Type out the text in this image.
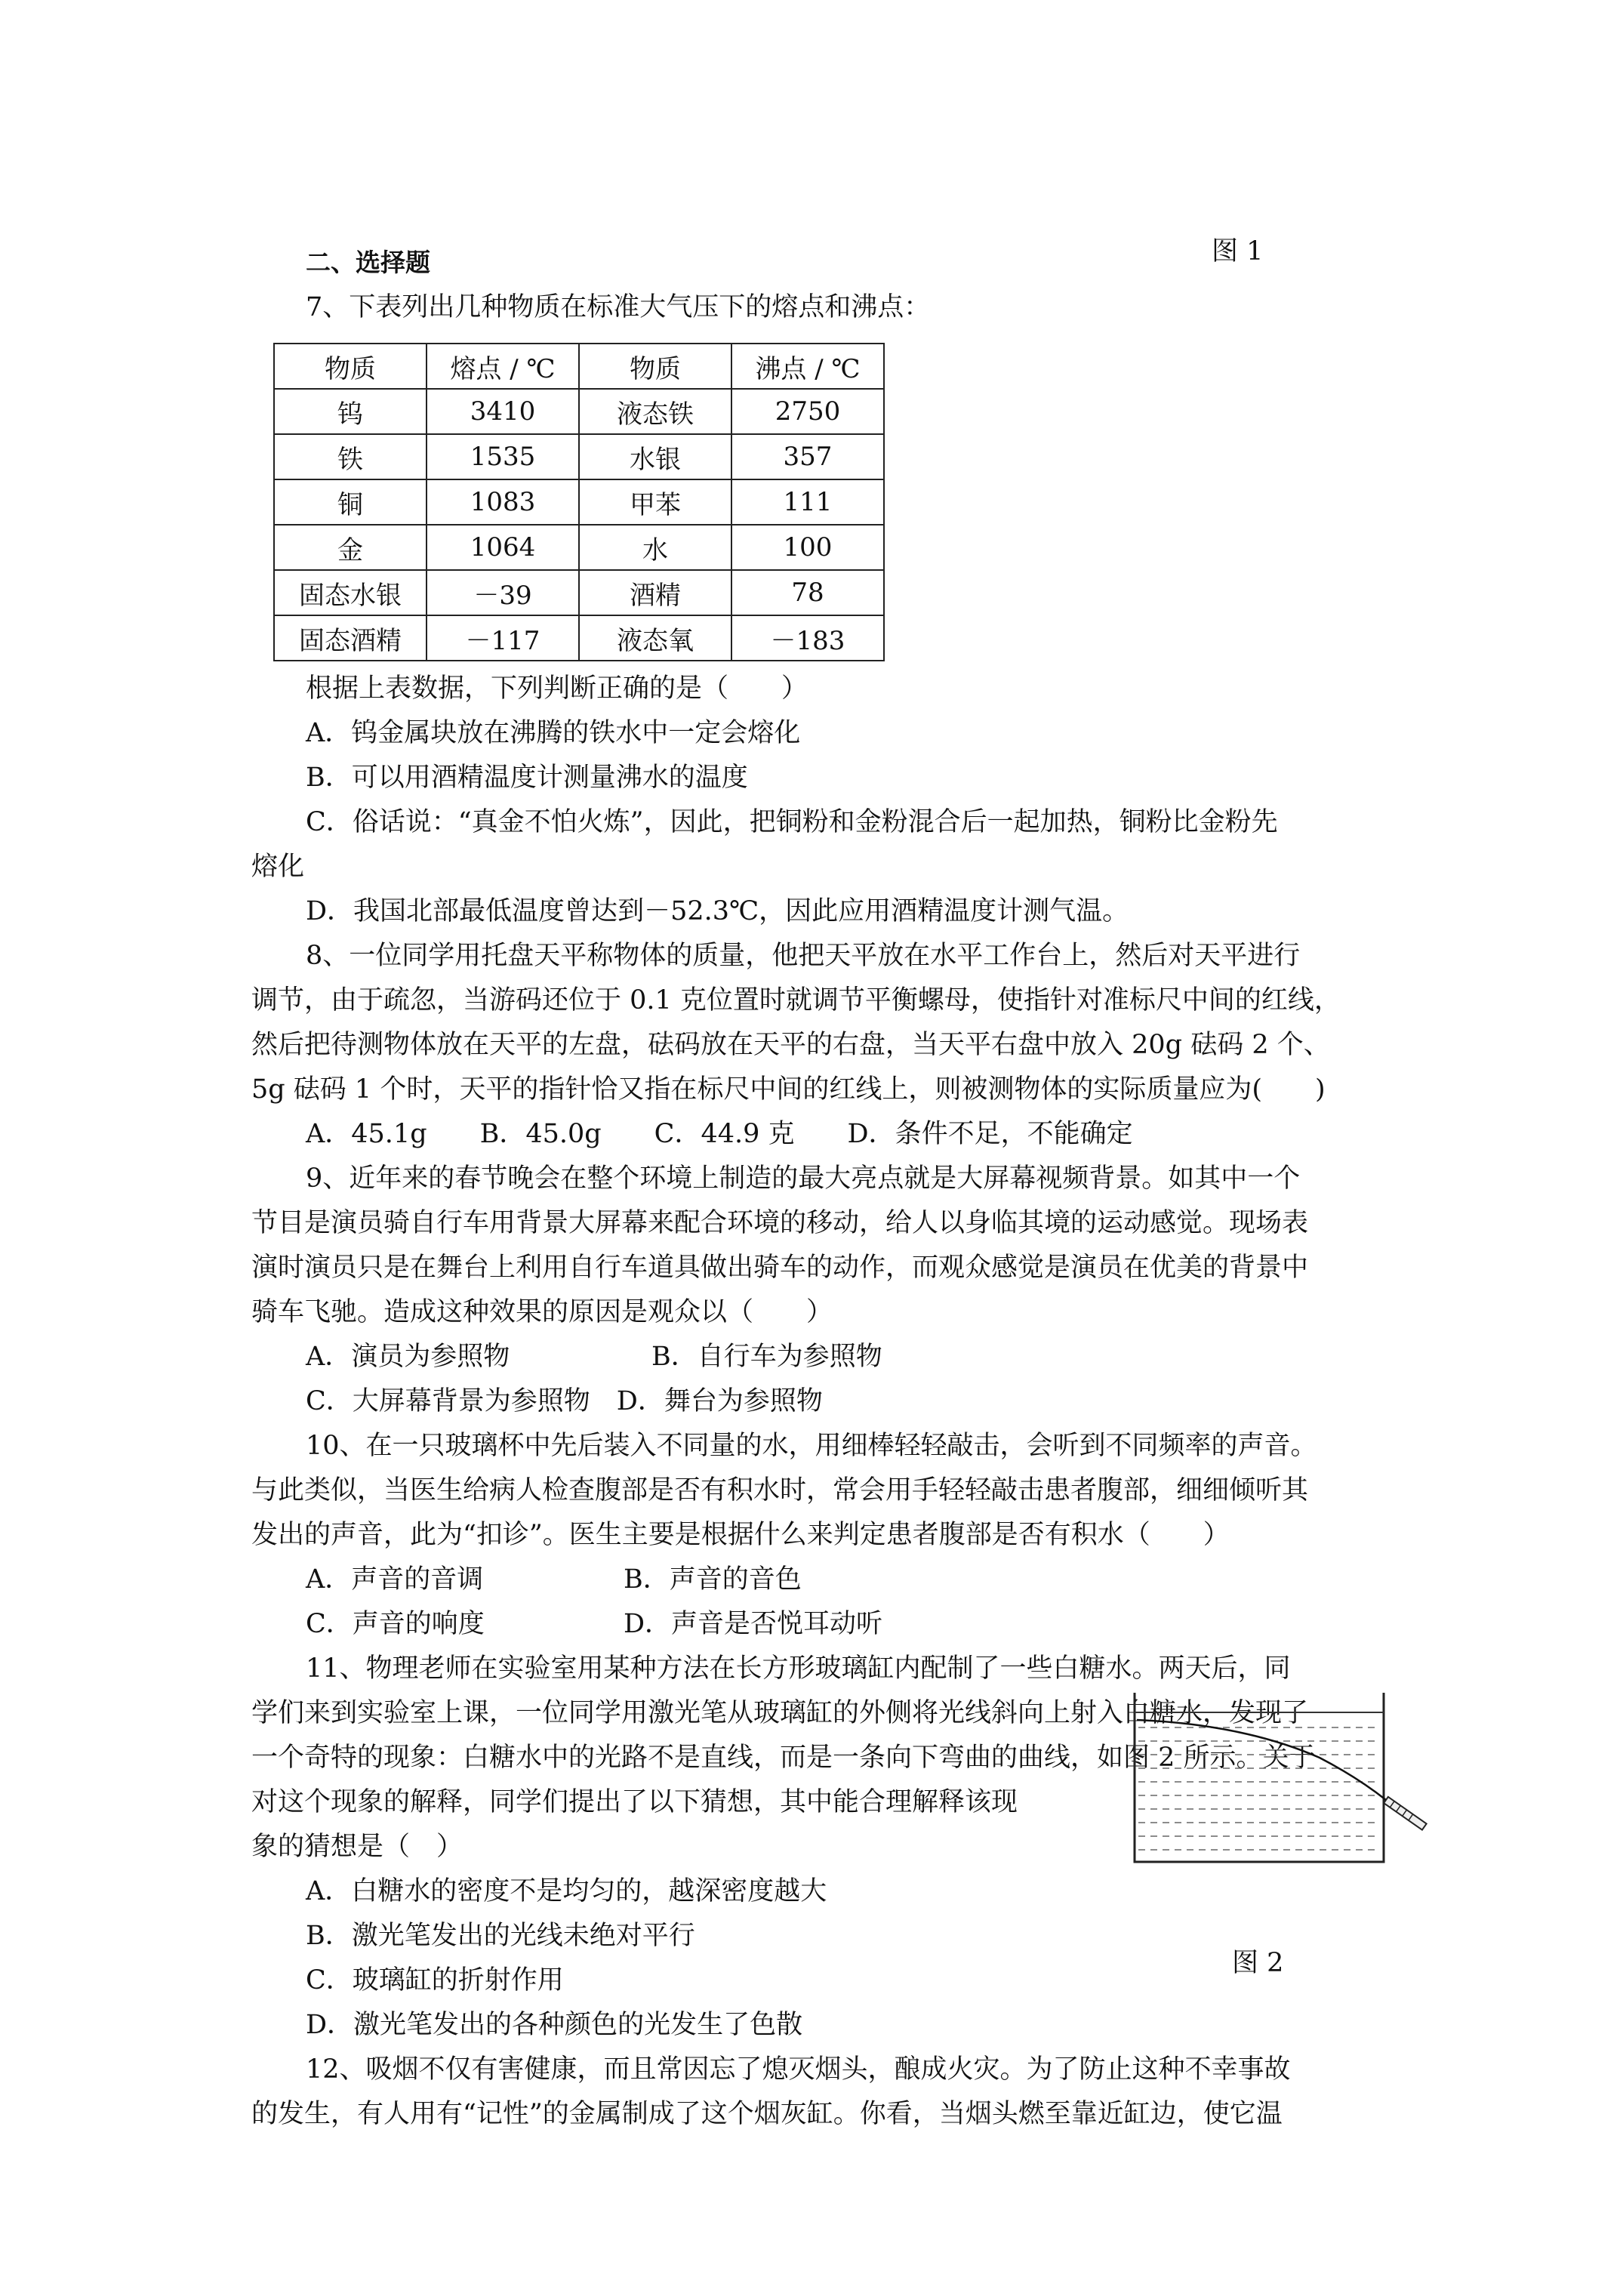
二、选择题	图 1
7、下表列出几种物质在标准大气压下的熔点和沸点：
物质	熔点 / ℃	物质	沸点 / ℃
钨	3410	液态铁	2750
铁	1535	水银	357
铜	1083	甲苯	111
金	1064	水	100
固态水银	－39	酒精	78
固态酒精	－117	液态氧	－183
根据上表数据，下列判断正确的是（　　）
A．钨金属块放在沸腾的铁水中一定会熔化
B．可以用酒精温度计测量沸水的温度
C．俗话说：“真金不怕火炼”，因此，把铜粉和金粉混合后一起加热，铜粉比金粉先
熔化
D．我国北部最低温度曾达到－52.3℃，因此应用酒精温度计测气温。
8、一位同学用托盘天平称物体的质量，他把天平放在水平工作台上，然后对天平进行
调节，由于疏忽，当游码还位于 0.1 克位置时就调节平衡螺母，使指针对准标尺中间的红线，
然后把待测物体放在天平的左盘，砝码放在天平的右盘，当天平右盘中放入 20g 砝码 2 个、
5g 砝码 1 个时，天平的指针恰又指在标尺中间的红线上，则被测物体的实际质量应为(　　)
A．45.1g　　B．45.0g　　C．44.9 克　　D．条件不足，不能确定
9、近年来的春节晚会在整个环境上制造的最大亮点就是大屏幕视频背景。如其中一个
节目是演员骑自行车用背景大屏幕来配合环境的移动，给人以身临其境的运动感觉。现场表
演时演员只是在舞台上利用自行车道具做出骑车的动作，而观众感觉是演员在优美的背景中
骑车飞驰。造成这种效果的原因是观众以（　　）
A．演员为参照物	B．自行车为参照物
C．大屏幕背景为参照物　D．舞台为参照物
10、在一只玻璃杯中先后装入不同量的水，用细棒轻轻敲击，会听到不同频率的声音。
与此类似，当医生给病人检查腹部是否有积水时，常会用手轻轻敲击患者腹部，细细倾听其
发出的声音，此为“扣诊”。医生主要是根据什么来判定患者腹部是否有积水（　　）
A．声音的音调	B．声音的音色
C．声音的响度	D．声音是否悦耳动听
11、物理老师在实验室用某种方法在长方形玻璃缸内配制了一些白糖水。两天后，同
学们来到实验室上课，一位同学用激光笔从玻璃缸的外侧将光线斜向上射入白糖水，发现了
一个奇特的现象：白糖水中的光路不是直线，而是一条向下弯曲的曲线，如图 2 所示。关于
对这个现象的解释，同学们提出了以下猜想，其中能合理解释该现
象的猜想是（　）
A．白糖水的密度不是均匀的，越深密度越大
B．激光笔发出的光线未绝对平行
C．玻璃缸的折射作用
D．激光笔发出的各种颜色的光发生了色散
图 2
12、吸烟不仅有害健康，而且常因忘了熄灭烟头，酿成火灾。为了防止这种不幸事故
的发生，有人用有“记性”的金属制成了这个烟灰缸。你看，当烟头燃至靠近缸边，使它温
